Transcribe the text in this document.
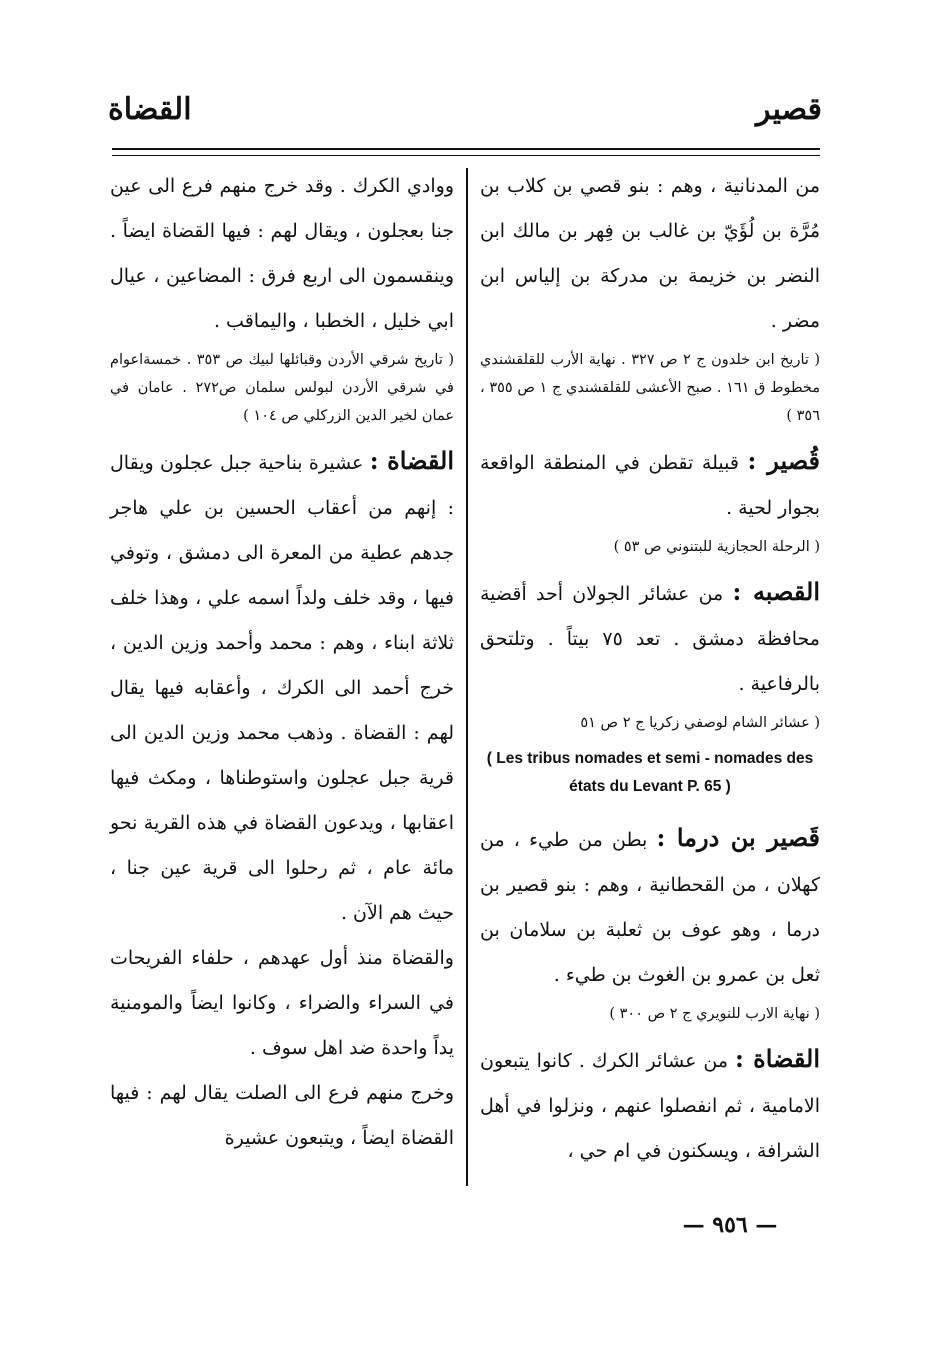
قصير
القضاة

من المدنانية ، وهم : بنو قصي بن كلاب بن مُرَّة بن لُؤَيّ بن غالب بن فِهر بن مالك ابن النضر بن خزيمة بن مدركة بن إلياس ابن مضر .

( تاريخ ابن خلدون ج ٢ ص ٣٢٧ . نهاية الأرب للقلقشندي مخطوط ق ١٦١ . صبح الأعشى للقلقشندي ج ١ ص ٣٥٥ ، ٣٥٦ )

قُصير : قبيلة تقطن في المنطقة الواقعة بجوار لحية .

( الرحلة الحجازية للبتنوني ص ٥٣ )

القصبه : من عشائر الجولان أحد أقضية محافظة دمشق . تعد ٧٥ بيتاً . وتلتحق بالرفاعية .

( عشائر الشام لوصفي زكريا ج ٢ ص ٥١

( Les tribus nomades et semi - nomades des états du Levant P. 65 )

قَصير بن درما : بطن من طيء ، من كهلان ، من القحطانية ، وهم : بنو قصير بن درما ، وهو عوف بن ثعلبة بن سلامان بن ثعل بن عمرو بن الغوث بن طيء .

( نهاية الارب للنويري ج ٢ ص ٣٠٠ )

القضاة : من عشائر الكرك . كانوا يتبعون الامامية ، ثم انفصلوا عنهم ، ونزلوا في أهل الشرافة ، ويسكنون في ام حي ،

ووادي الكرك . وقد خرج منهم فرع الى عين جنا بعجلون ، ويقال لهم : فيها القضاة ايضاً . وينقسمون الى اربع فرق : المضاعين ، عيال ابي خليل ، الخطبا ، واليماقب .

( تاريخ شرقي الأردن وقبائلها لبيك ص ٣٥٣ . خمسةاعوام في شرقي الأردن لبولس سلمان ص٢٧٢ . عامان في عمان لخير الدين الزركلي ص ١٠٤ )

القضاة : عشيرة بناحية جبل عجلون ويقال : إنهم من أعقاب الحسين بن علي هاجر جدهم عطية من المعرة الى دمشق ، وتوفي فيها ، وقد خلف ولداً اسمه علي ، وهذا خلف ثلاثة ابناء ، وهم : محمد وأحمد وزين الدين ، خرج أحمد الى الكرك ، وأعقابه فيها يقال لهم : القضاة . وذهب محمد وزين الدين الى قرية جبل عجلون واستوطناها ، ومكث فيها اعقابها ، ويدعون القضاة في هذه القرية نحو مائة عام ، ثم رحلوا الى قرية عين جنا ، حيث هم الآن .

والقضاة منذ أول عهدهم ، حلفاء الفريحات في السراء والضراء ، وكانوا ايضاً والمومنية يداً واحدة ضد اهل سوف .

وخرج منهم فرع الى الصلت يقال لهم : فيها القضاة ايضاً ، ويتبعون عشيرة

— ٩٥٦ —
